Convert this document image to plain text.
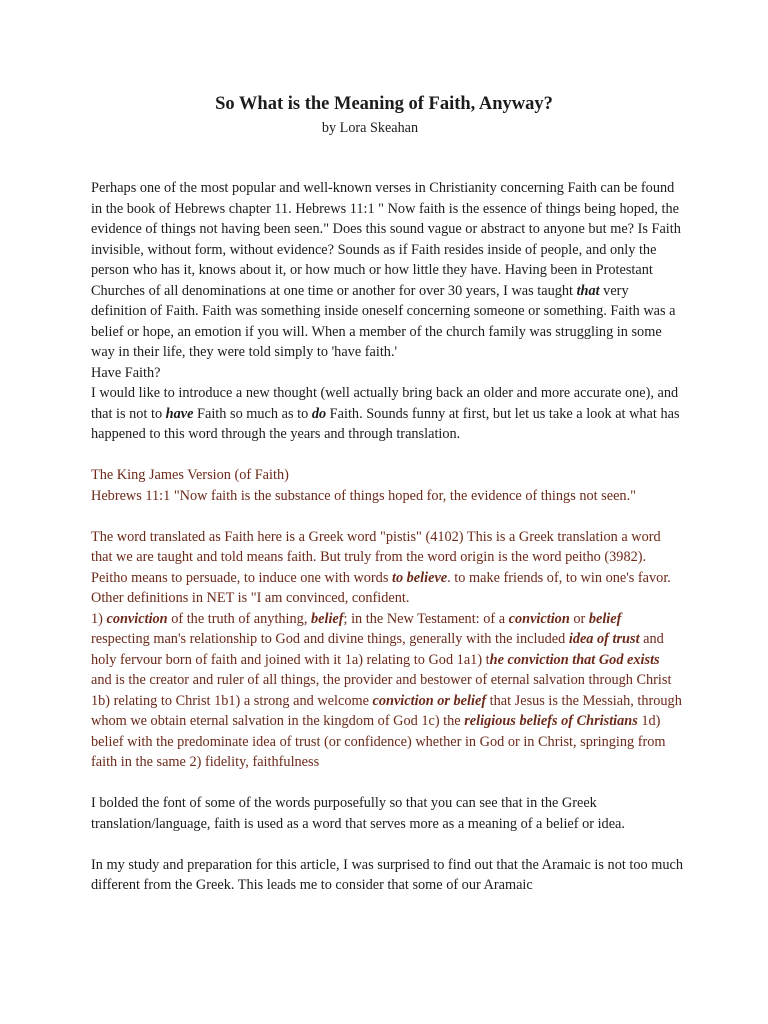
So What is the Meaning of Faith, Anyway?
by Lora Skeahan

Perhaps one of the most popular and well-known verses in Christianity concerning Faith can be found in the book of Hebrews chapter 11. Hebrews 11:1 " Now faith is the essence of things being hoped, the evidence of things not having been seen." Does this sound vague or abstract to anyone but me? Is Faith invisible, without form, without evidence? Sounds as if Faith resides inside of people, and only the person who has it, knows about it, or how much or how little they have. Having been in Protestant Churches of all denominations at one time or another for over 30 years, I was taught that very definition of Faith. Faith was something inside oneself concerning someone or something. Faith was a belief or hope, an emotion if you will. When a member of the church family was struggling in some way in their life, they were told simply to 'have faith.'

Have Faith?

I would like to introduce a new thought (well actually bring back an older and more accurate one), and that is not to have Faith so much as to do Faith. Sounds funny at first, but let us take a look at what has happened to this word through the years and through translation.

The King James Version (of Faith)

Hebrews 11:1 "Now faith is the substance of things hoped for, the evidence of things not seen."

The word translated as Faith here is a Greek word "pistis" (4102) This is a Greek translation a word that we are taught and told means faith. But truly from the word origin is the word peitho (3982). Peitho means to persuade, to induce one with words to believe. to make friends of, to win one's favor. Other definitions in NET is "I am convinced, confident.

1) conviction of the truth of anything, belief; in the New Testament: of a conviction or belief respecting man's relationship to God and divine things, generally with the included idea of trust and holy fervour born of faith and joined with it 1a) relating to God 1a1) the conviction that God exists and is the creator and ruler of all things, the provider and bestower of eternal salvation through Christ 1b) relating to Christ 1b1) a strong and welcome conviction or belief that Jesus is the Messiah, through whom we obtain eternal salvation in the kingdom of God 1c) the religious beliefs of Christians 1d) belief with the predominate idea of trust (or confidence) whether in God or in Christ, springing from faith in the same 2) fidelity, faithfulness

I bolded the font of some of the words purposefully so that you can see that in the Greek translation/language, faith is used as a word that serves more as a meaning of a belief or idea.

In my study and preparation for this article, I was surprised to find out that the Aramaic is not too much different from the Greek. This leads me to consider that some of our Aramaic
